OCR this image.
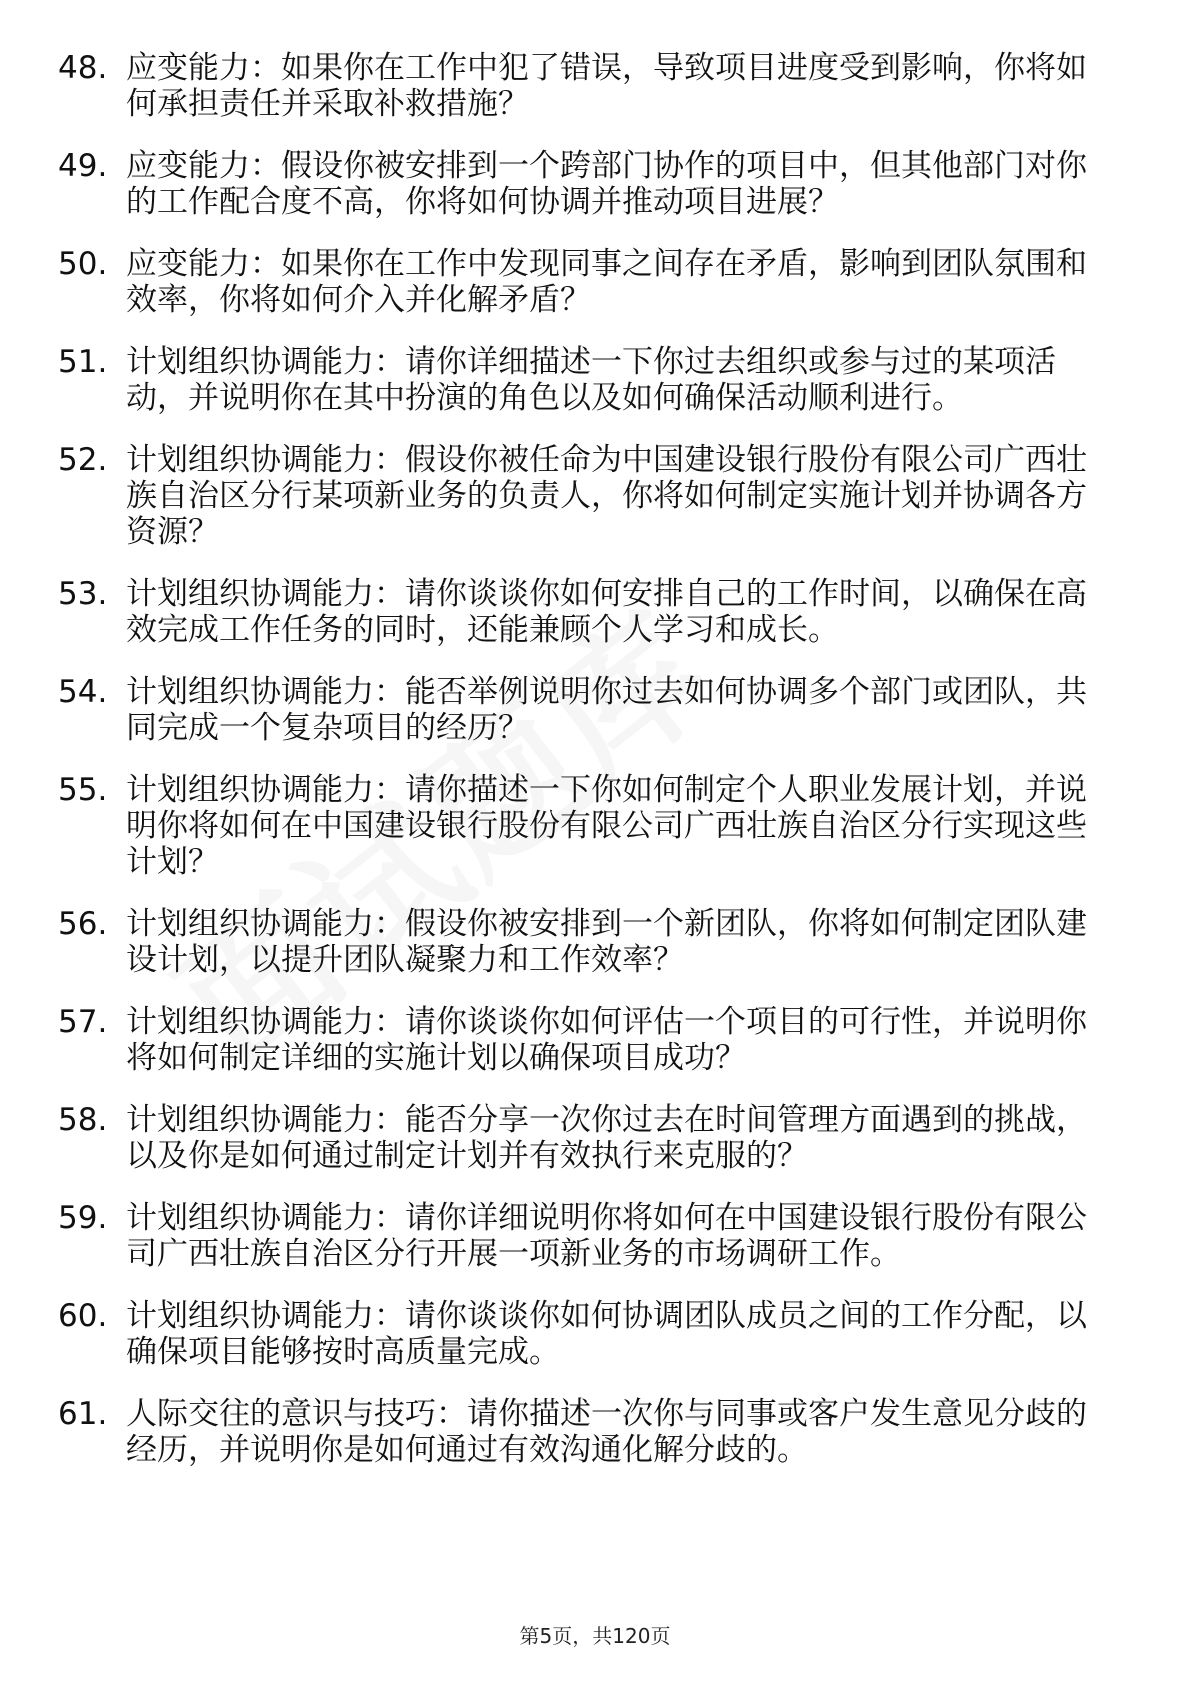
48. 应变能力：如果你在工作中犯了错误，导致项目进度受到影响，你将如何承担责任并采取补救措施？
49. 应变能力：假设你被安排到一个跨部门协作的项目中，但其他部门对你的工作配合度不高，你将如何协调并推动项目进展？
50. 应变能力：如果你在工作中发现同事之间存在矛盾，影响到团队氛围和效率，你将如何介入并化解矛盾？
51. 计划组织协调能力：请你详细描述一下你过去组织或参与过的某项活动，并说明你在其中扮演的角色以及如何确保活动顺利进行。
52. 计划组织协调能力：假设你被任命为中国建设银行股份有限公司广西壮族自治区分行某项新业务的负责人，你将如何制定实施计划并协调各方资源？
53. 计划组织协调能力：请你谈谈你如何安排自己的工作时间，以确保在高效完成工作任务的同时，还能兼顾个人学习和成长。
54. 计划组织协调能力：能否举例说明你过去如何协调多个部门或团队，共同完成一个复杂项目的经历？
55. 计划组织协调能力：请你描述一下你如何制定个人职业发展计划，并说明你将如何在中国建设银行股份有限公司广西壮族自治区分行实现这些计划？
56. 计划组织协调能力：假设你被安排到一个新团队，你将如何制定团队建设计划，以提升团队凝聚力和工作效率？
57. 计划组织协调能力：请你谈谈你如何评估一个项目的可行性，并说明你将如何制定详细的实施计划以确保项目成功？
58. 计划组织协调能力：能否分享一次你过去在时间管理方面遇到的挑战，以及你是如何通过制定计划并有效执行来克服的？
59. 计划组织协调能力：请你详细说明你将如何在中国建设银行股份有限公司广西壮族自治区分行开展一项新业务的市场调研工作。
60. 计划组织协调能力：请你谈谈你如何协调团队成员之间的工作分配，以确保项目能够按时高质量完成。
61. 人际交往的意识与技巧：请你描述一次你与同事或客户发生意见分歧的经历，并说明你是如何通过有效沟通化解分歧的。
第5页，共120页
